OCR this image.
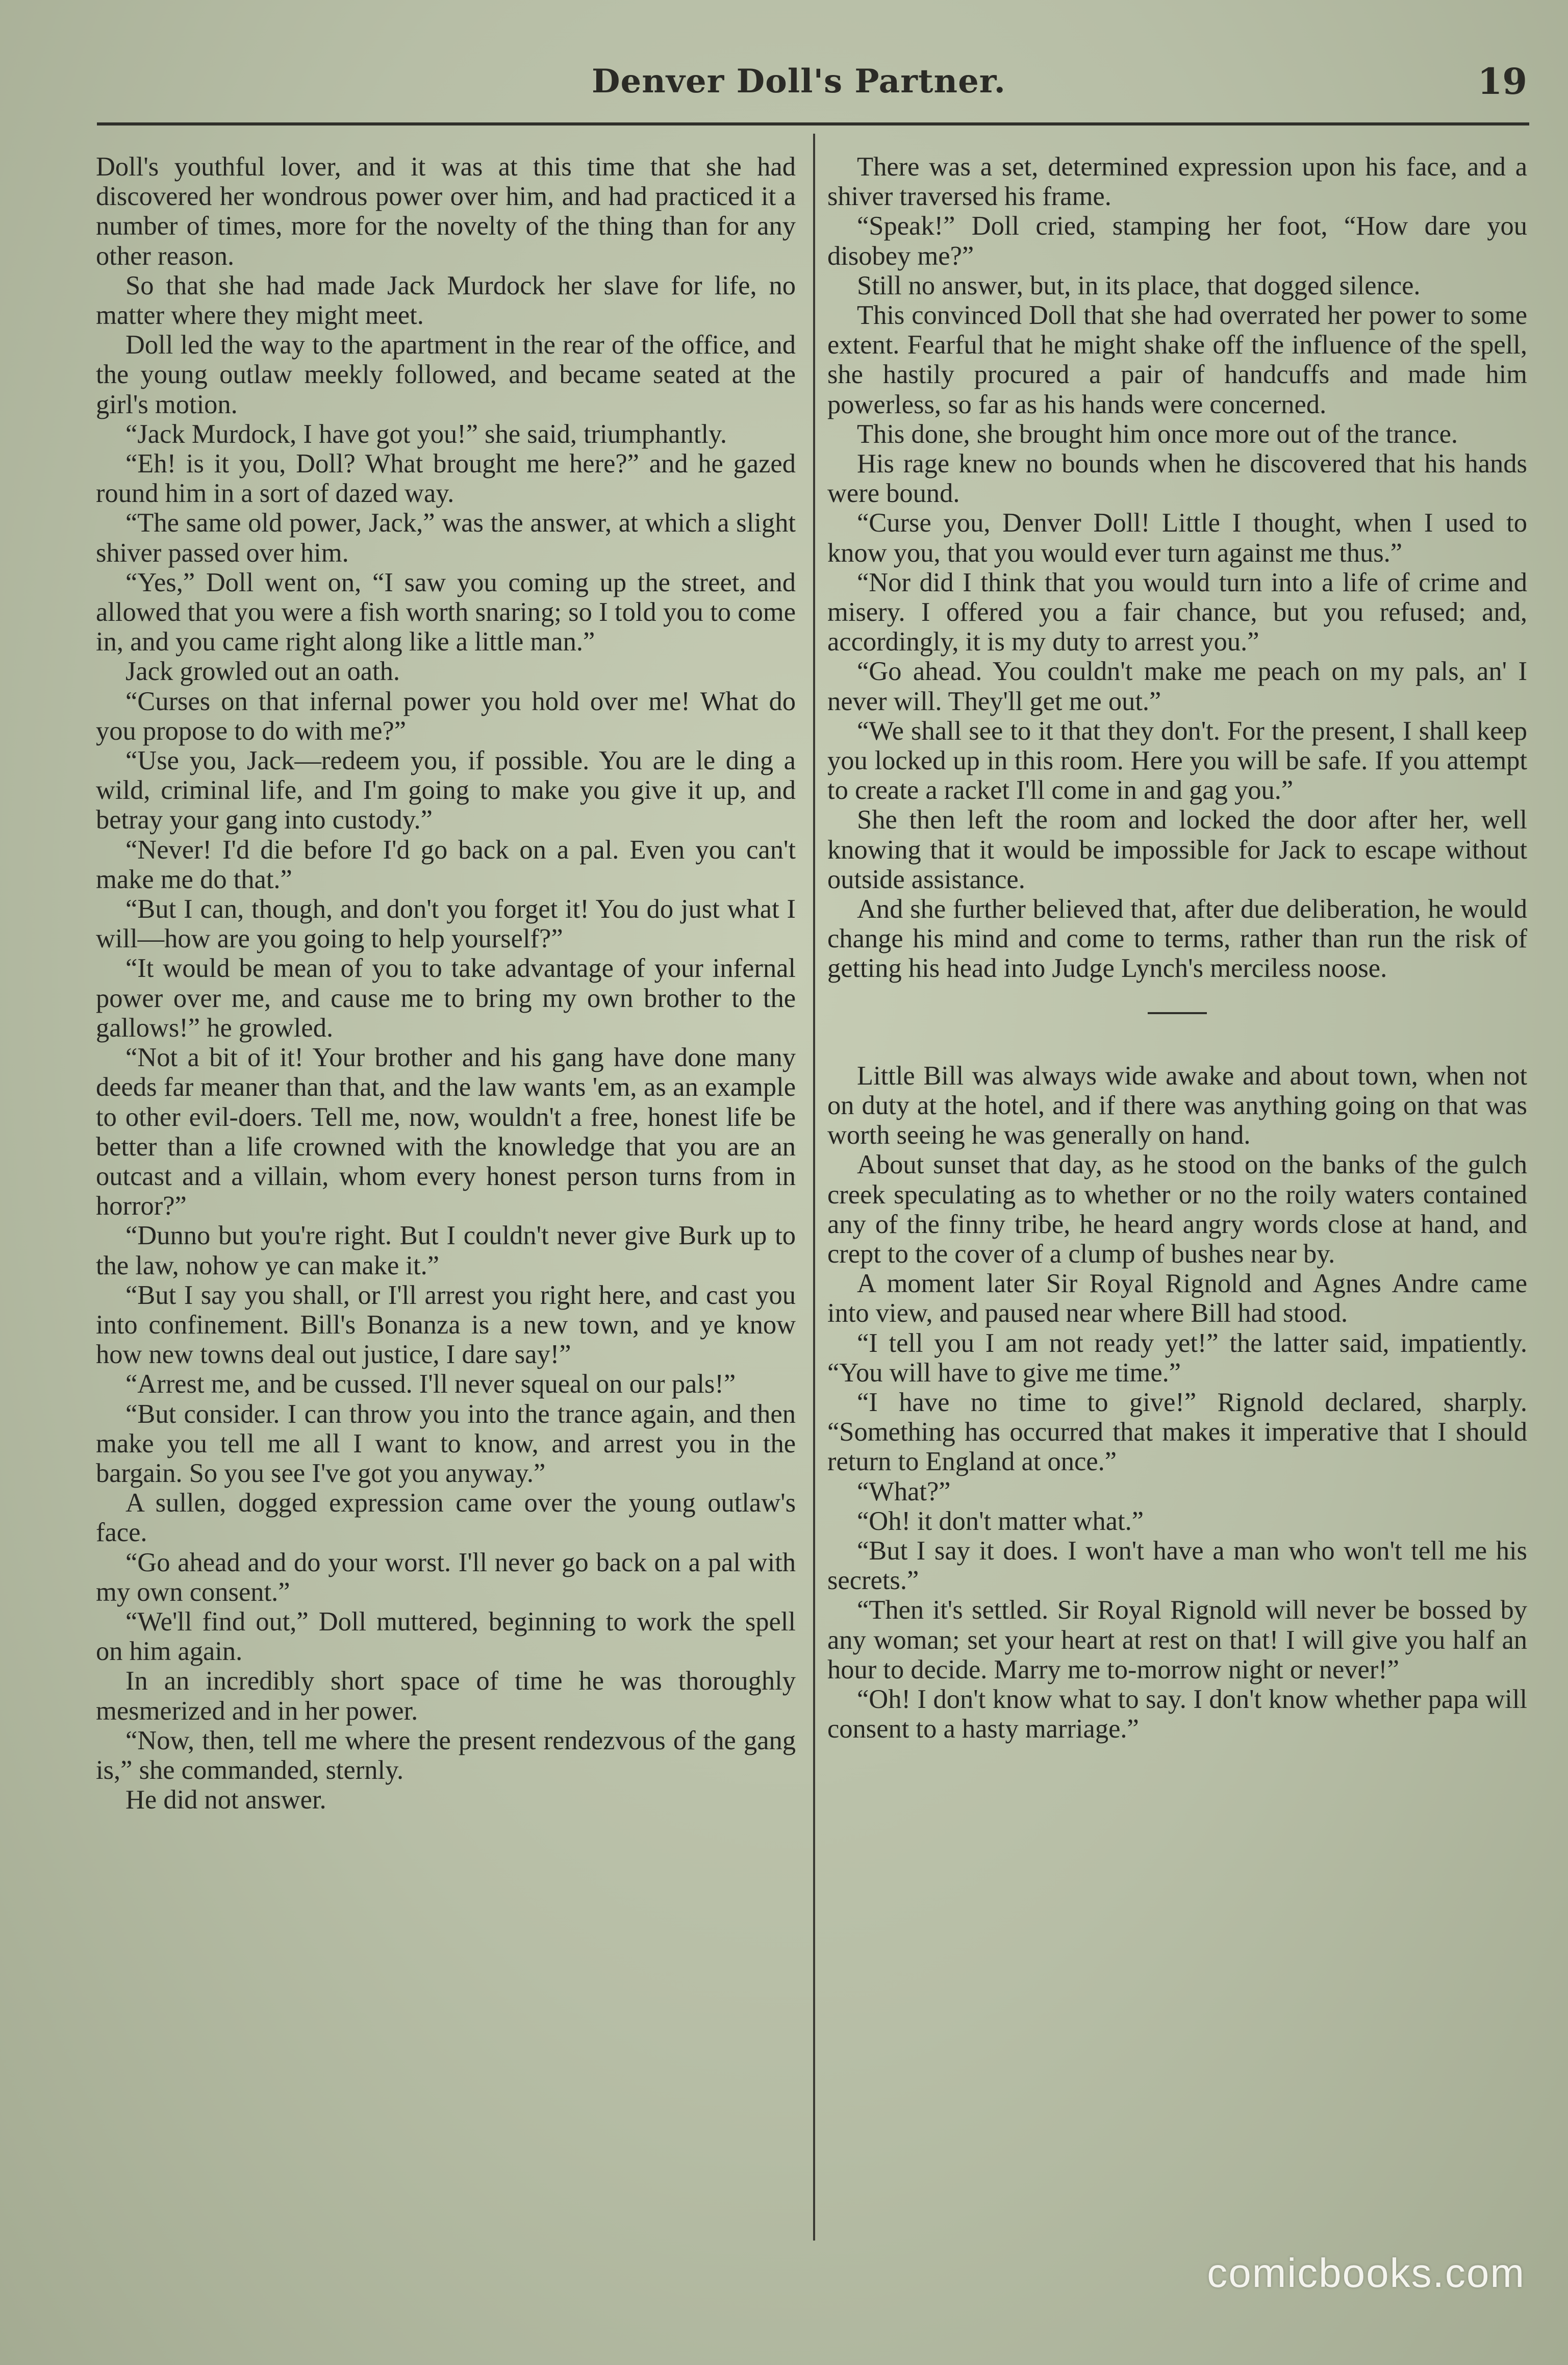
Denver Doll's Partner.	19

Doll's youthful lover, and it was at this time that she had discovered her wondrous power over him, and had practiced it a number of times, more for the novelty of the thing than for any other reason.

So that she had made Jack Murdock her slave for life, no matter where they might meet.

Doll led the way to the apartment in the rear of the office, and the young outlaw meekly followed, and became seated at the girl's motion.

“Jack Murdock, I have got you!” she said, triumphantly.

“Eh! is it you, Doll? What brought me here?” and he gazed round him in a sort of dazed way.

“The same old power, Jack,” was the answer, at which a slight shiver passed over him.

“Yes,” Doll went on, “I saw you coming up the street, and allowed that you were a fish worth snaring; so I told you to come in, and you came right along like a little man.”

Jack growled out an oath.

“Curses on that infernal power you hold over me! What do you propose to do with me?”

“Use you, Jack—redeem you, if possible. You are le ding a wild, criminal life, and I'm going to make you give it up, and betray your gang into custody.”

“Never! I'd die before I'd go back on a pal. Even you can't make me do that.”

“But I can, though, and don't you forget it! You do just what I will—how are you going to help yourself?”

“It would be mean of you to take advantage of your infernal power over me, and cause me to bring my own brother to the gallows!” he growled.

“Not a bit of it! Your brother and his gang have done many deeds far meaner than that, and the law wants 'em, as an example to other evil-doers. Tell me, now, wouldn't a free, honest life be better than a life crowned with the knowledge that you are an outcast and a villain, whom every honest person turns from in horror?”

“Dunno but you're right. But I couldn't never give Burk up to the law, nohow ye can make it.”

“But I say you shall, or I'll arrest you right here, and cast you into confinement. Bill's Bonanza is a new town, and ye know how new towns deal out justice, I dare say!”

“Arrest me, and be cussed. I'll never squeal on our pals!”

“But consider. I can throw you into the trance again, and then make you tell me all I want to know, and arrest you in the bargain. So you see I've got you anyway.”

A sullen, dogged expression came over the young outlaw's face.

“Go ahead and do your worst. I'll never go back on a pal with my own consent.”

“We'll find out,” Doll muttered, beginning to work the spell on him again.

In an incredibly short space of time he was thoroughly mesmerized and in her power.

“Now, then, tell me where the present rendezvous of the gang is,” she commanded, sternly.

He did not answer.

There was a set, determined expression upon his face, and a shiver traversed his frame.

“Speak!” Doll cried, stamping her foot, “How dare you disobey me?”

Still no answer, but, in its place, that dogged silence.

This convinced Doll that she had overrated her power to some extent. Fearful that he might shake off the influence of the spell, she hastily procured a pair of handcuffs and made him powerless, so far as his hands were concerned.

This done, she brought him once more out of the trance.

His rage knew no bounds when he discovered that his hands were bound.

“Curse you, Denver Doll! Little I thought, when I used to know you, that you would ever turn against me thus.”

“Nor did I think that you would turn into a life of crime and misery. I offered you a fair chance, but you refused; and, accordingly, it is my duty to arrest you.”

“Go ahead. You couldn't make me peach on my pals, an' I never will. They'll get me out.”

“We shall see to it that they don't. For the present, I shall keep you locked up in this room. Here you will be safe. If you attempt to create a racket I'll come in and gag you.”

She then left the room and locked the door after her, well knowing that it would be impossible for Jack to escape without outside assistance.

And she further believed that, after due deliberation, he would change his mind and come to terms, rather than run the risk of getting his head into Judge Lynch's merciless noose.

Little Bill was always wide awake and about town, when not on duty at the hotel, and if there was anything going on that was worth seeing he was generally on hand.

About sunset that day, as he stood on the banks of the gulch creek speculating as to whether or no the roily waters contained any of the finny tribe, he heard angry words close at hand, and crept to the cover of a clump of bushes near by.

A moment later Sir Royal Rignold and Agnes Andre came into view, and paused near where Bill had stood.

“I tell you I am not ready yet!” the latter said, impatiently. “You will have to give me time.”

“I have no time to give!” Rignold declared, sharply. “Something has occurred that makes it imperative that I should return to England at once.”

“What?”

“Oh! it don't matter what.”

“But I say it does. I won't have a man who won't tell me his secrets.”

“Then it's settled. Sir Royal Rignold will never be bossed by any woman; set your heart at rest on that! I will give you half an hour to decide. Marry me to-morrow night or never!”

“Oh! I don't know what to say. I don't know whether papa will consent to a hasty marriage.”

comicbooks.com
